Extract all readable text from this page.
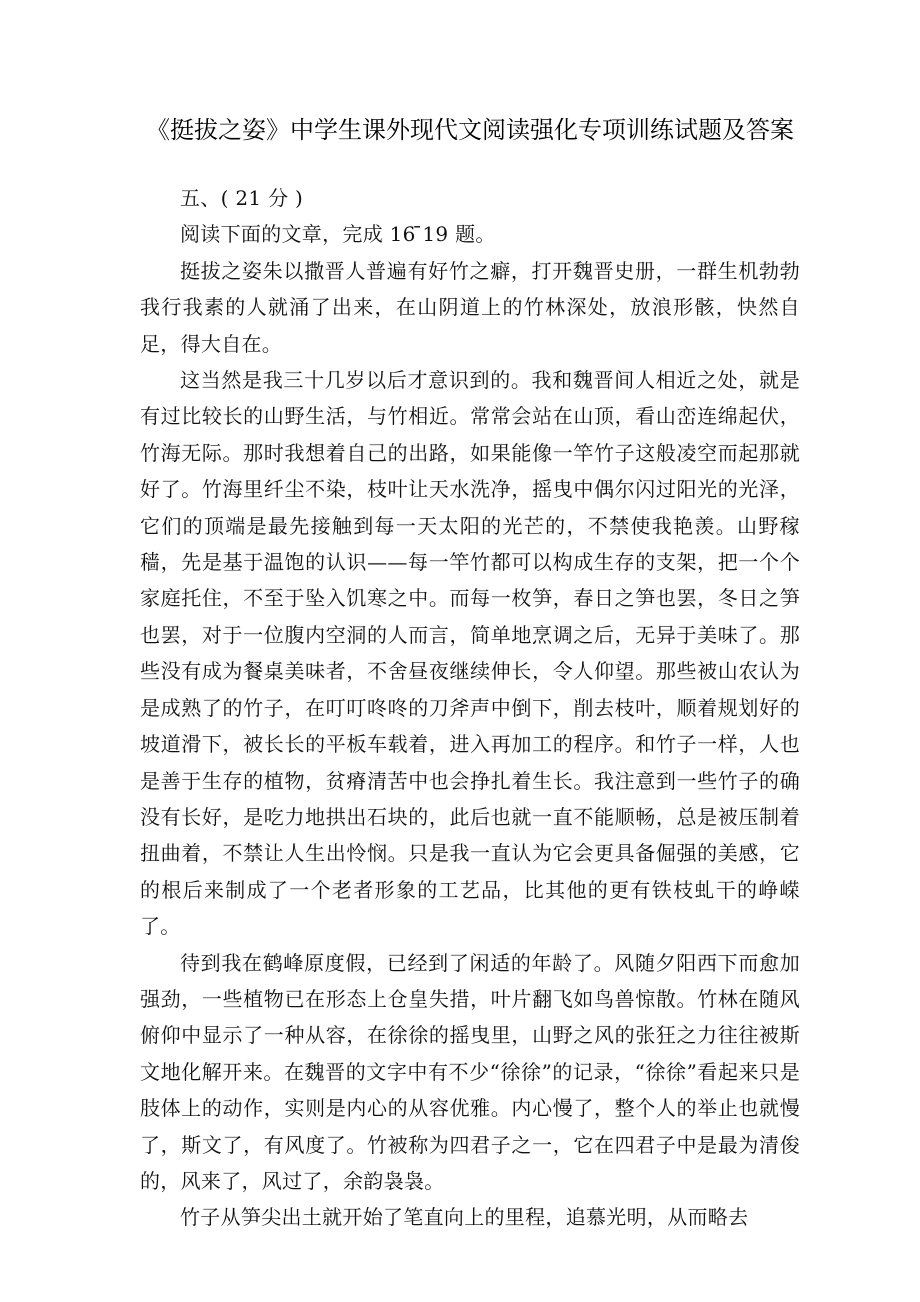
《挺拔之姿》中学生课外现代文阅读强化专项训练试题及答案

五、( 21 分 )

阅读下面的文章，完成 16 ̄19 题。

挺拔之姿朱以撒晋人普遍有好竹之癖，打开魏晋史册，一群生机勃勃我行我素的人就涌了出来，在山阴道上的竹林深处，放浪形骸，快然自足，得大自在。

这当然是我三十几岁以后才意识到的。我和魏晋间人相近之处，就是有过比较长的山野生活，与竹相近。常常会站在山顶，看山峦连绵起伏，竹海无际。那时我想着自己的出路，如果能像一竿竹子这般凌空而起那就好了。竹海里纤尘不染，枝叶让天水洗净，摇曳中偶尔闪过阳光的光泽，它们的顶端是最先接触到每一天太阳的光芒的，不禁使我艳羡。山野稼穑，先是基于温饱的认识——每一竿竹都可以构成生存的支架，把一个个家庭托住，不至于坠入饥寒之中。而每一枚笋，春日之笋也罢，冬日之笋也罢，对于一位腹内空洞的人而言，简单地烹调之后，无异于美味了。那些没有成为餐桌美味者，不舍昼夜继续伸长，令人仰望。那些被山农认为是成熟了的竹子，在叮叮咚咚的刀斧声中倒下，削去枝叶，顺着规划好的坡道滑下，被长长的平板车载着，进入再加工的程序。和竹子一样，人也是善于生存的植物，贫瘠清苦中也会挣扎着生长。我注意到一些竹子的确没有长好，是吃力地拱出石块的，此后也就一直不能顺畅，总是被压制着扭曲着，不禁让人生出怜悯。只是我一直认为它会更具备倔强的美感，它的根后来制成了一个老者形象的工艺品，比其他的更有铁枝虬干的峥嵘了。

待到我在鹤峰原度假，已经到了闲适的年龄了。风随夕阳西下而愈加强劲，一些植物已在形态上仓皇失措，叶片翻飞如鸟兽惊散。竹林在随风俯仰中显示了一种从容，在徐徐的摇曳里，山野之风的张狂之力往往被斯文地化解开来。在魏晋的文字中有不少“徐徐”的记录，“徐徐”看起来只是肢体上的动作，实则是内心的从容优雅。内心慢了，整个人的举止也就慢了，斯文了，有风度了。竹被称为四君子之一，它在四君子中是最为清俊的，风来了，风过了，余韵袅袅。

竹子从笋尖出土就开始了笔直向上的里程，追慕光明，从而略去
